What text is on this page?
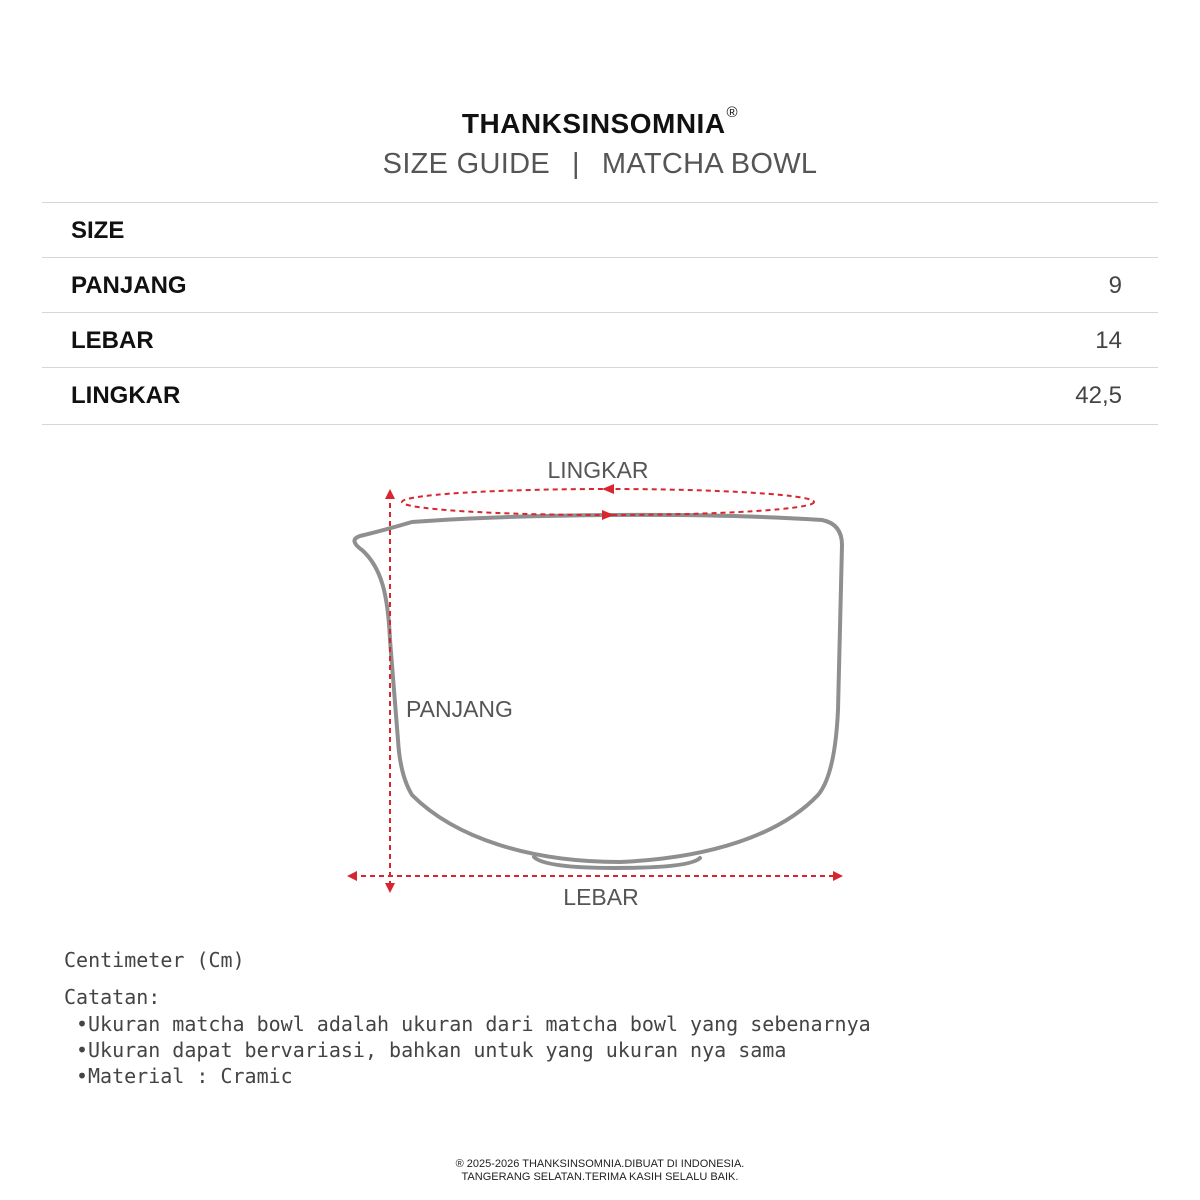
THANKSINSOMNIA®
SIZE GUIDE | MATCHA BOWL
SIZE
PANJANG	9
LEBAR	14
LINGKAR	42,5
LINGKAR
PANJANG
LEBAR
Centimeter (Cm)
Catatan:
•Ukuran matcha bowl adalah ukuran dari matcha bowl yang sebenarnya
•Ukuran dapat bervariasi, bahkan untuk yang ukuran nya sama
•Material : Cramic
® 2025-2026 THANKSINSOMNIA.DIBUAT DI INDONESIA.
TANGERANG SELATAN.TERIMA KASIH SELALU BAIK.
